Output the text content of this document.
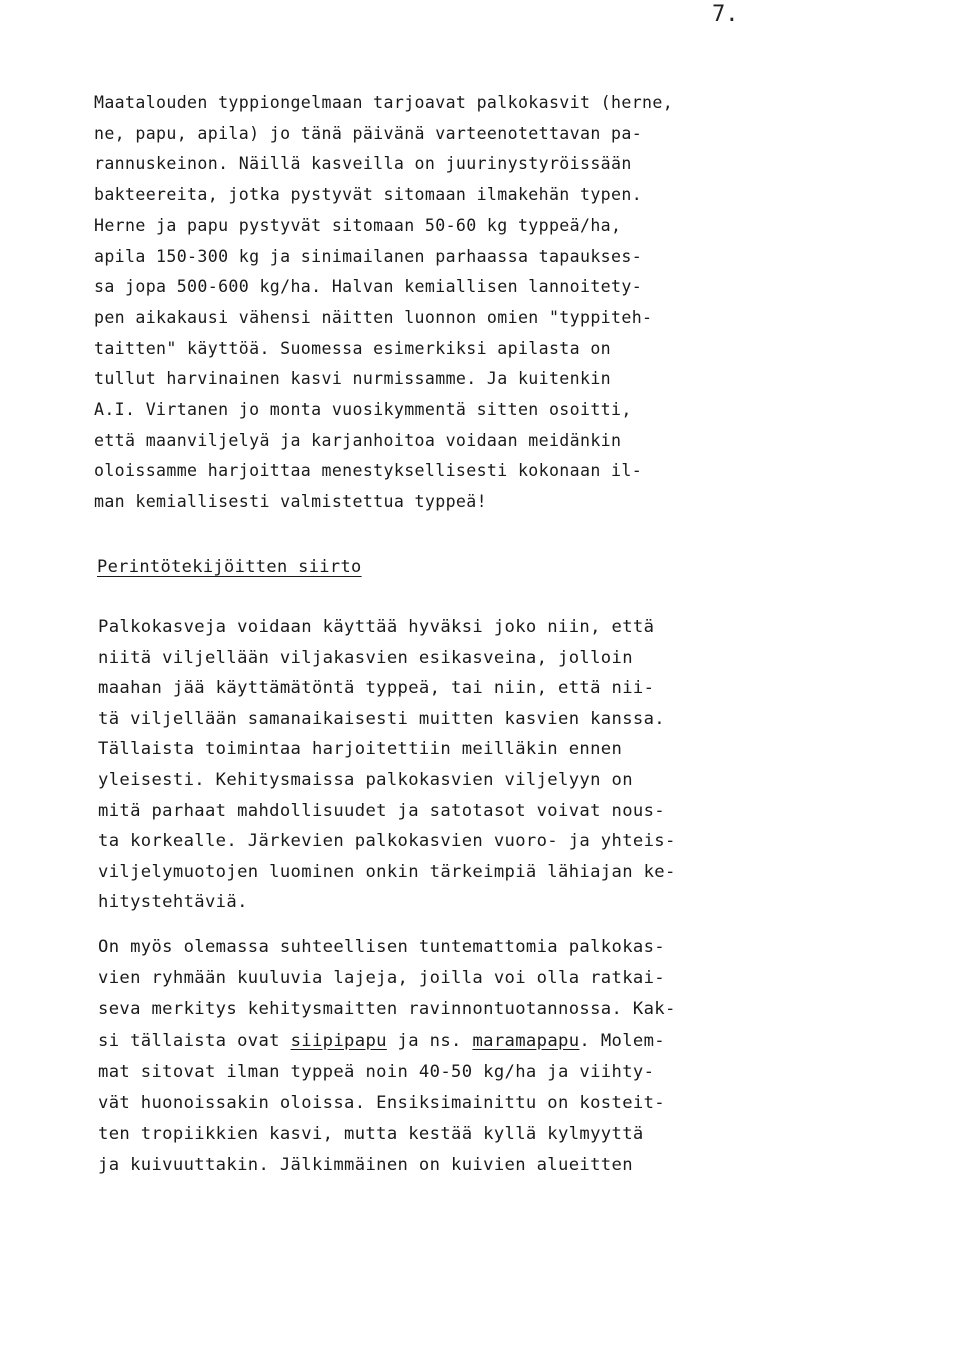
7.
Maatalouden typpiongelmaan tarjoavat palkokasvit (herne,
ne, papu, apila) jo tänä päivänä varteenotettavan pa-
rannuskeinon. Näillä kasveilla on juurinystyröissään
bakteereita, jotka pystyvät sitomaan ilmakehän typen.
Herne ja papu pystyvät sitomaan 50-60 kg typpeä/ha,
apila 150-300 kg ja sinimailanen parhaassa tapaukses-
sa jopa 500-600 kg/ha. Halvan kemiallisen lannoitety-
pen aikakausi vähensi näitten luonnon omien "typpiteh-
taitten" käyttöä. Suomessa esimerkiksi apilasta on
tullut harvinainen kasvi nurmissamme. Ja kuitenkin
A.I. Virtanen jo monta vuosikymmentä sitten osoitti,
että maanviljelyä ja karjanhoitoa voidaan meidänkin
oloissamme harjoittaa menestyksellisesti kokonaan il-
man kemiallisesti valmistettua typpeä!
Perintötekijöitten siirto
Palkokasveja voidaan käyttää hyväksi joko niin, että
niitä viljellään viljakasvien esikasveina, jolloin
maahan jää käyttämätöntä typpeä, tai niin, että nii-
tä viljellään samanaikaisesti muitten kasvien kanssa.
Tällaista toimintaa harjoitettiin meilläkin ennen
yleisesti. Kehitysmaissa palkokasvien viljelyyn on
mitä parhaat mahdollisuudet ja satotasot voivat nous-
ta korkealle. Järkevien palkokasvien vuoro- ja yhteis-
viljelymuotojen luominen onkin tärkeimpiä lähiajan ke-
hitystehtäviä.
On myös olemassa suhteellisen tuntemattomia palkokas-
vien ryhmään kuuluvia lajeja, joilla voi olla ratkai-
seva merkitys kehitysmaitten ravinnontuotannossa. Kak-
si tällaista ovat siipipapu ja ns. maramapapu. Molem-
mat sitovat ilman typpeä noin 40-50 kg/ha ja viihty-
vät huonoissakin oloissa. Ensiksimainittu on kosteit-
ten tropiikkien kasvi, mutta kestää kyllä kylmyyttä
ja kuivuuttakin. Jälkimmäinen on kuivien alueitten
